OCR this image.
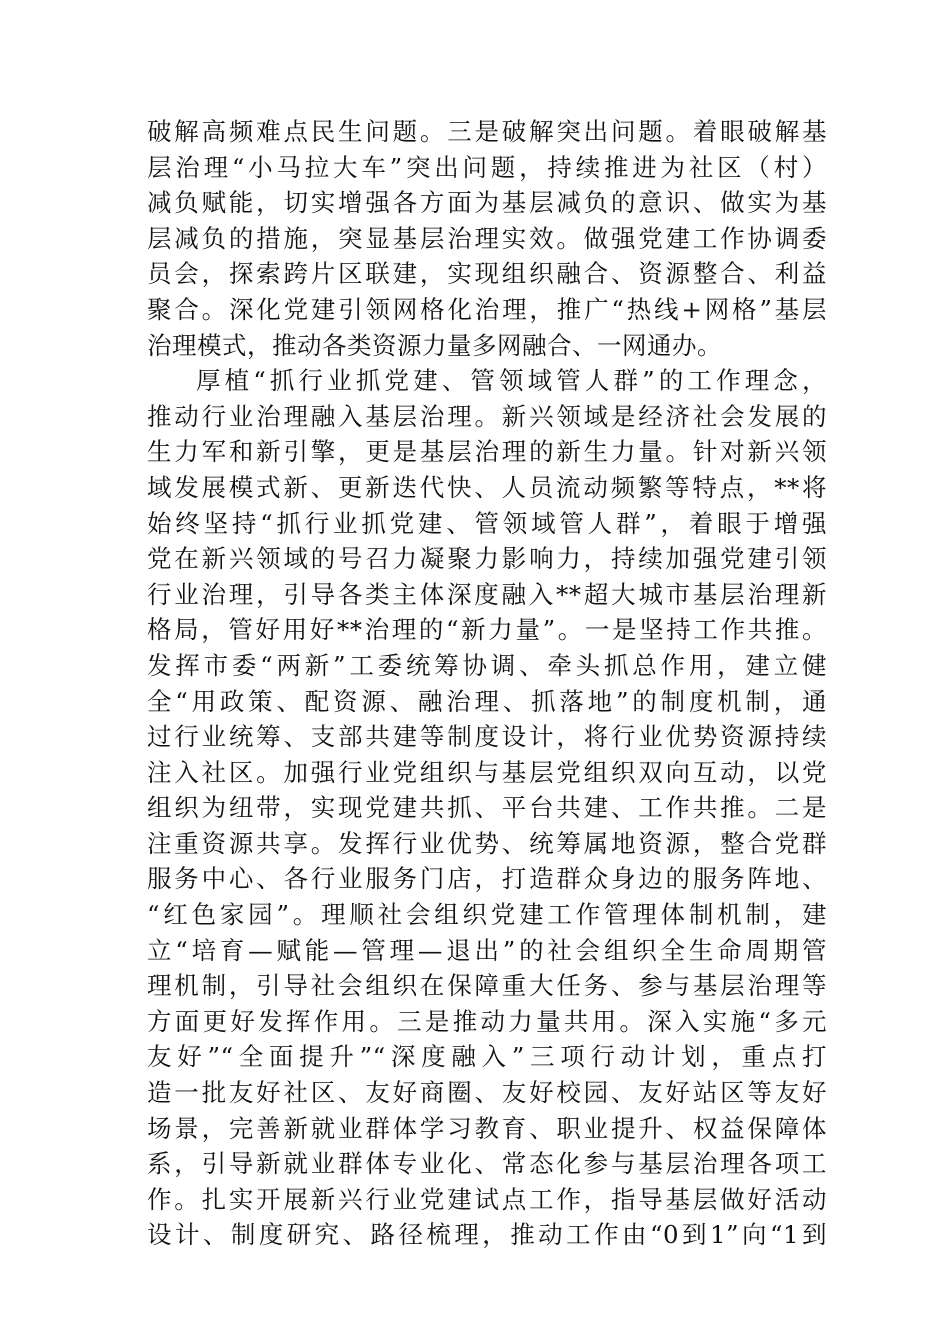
破解高频难点民生问题。三是破解突出问题。着眼破解基
层治理“小马拉大车”突出问题，持续推进为社区（村）
减负赋能，切实增强各方面为基层减负的意识、做实为基
层减负的措施，突显基层治理实效。做强党建工作协调委
员会，探索跨片区联建，实现组织融合、资源整合、利益
聚合。深化党建引领网格化治理，推广“热线+网格”基层
治理模式，推动各类资源力量多网融合、一网通办。
厚植“抓行业抓党建、管领域管人群”的工作理念，
推动行业治理融入基层治理。新兴领域是经济社会发展的
生力军和新引擎，更是基层治理的新生力量。针对新兴领
域发展模式新、更新迭代快、人员流动频繁等特点，**将
始终坚持“抓行业抓党建、管领域管人群”，着眼于增强
党在新兴领域的号召力凝聚力影响力，持续加强党建引领
行业治理，引导各类主体深度融入**超大城市基层治理新
格局，管好用好**治理的“新力量”。一是坚持工作共推。
发挥市委“两新”工委统筹协调、牵头抓总作用，建立健
全“用政策、配资源、融治理、抓落地”的制度机制，通
过行业统筹、支部共建等制度设计，将行业优势资源持续
注入社区。加强行业党组织与基层党组织双向互动，以党
组织为纽带，实现党建共抓、平台共建、工作共推。二是
注重资源共享。发挥行业优势、统筹属地资源，整合党群
服务中心、各行业服务门店，打造群众身边的服务阵地、
“红色家园”。理顺社会组织党建工作管理体制机制，建
立“培育—赋能—管理—退出”的社会组织全生命周期管
理机制，引导社会组织在保障重大任务、参与基层治理等
方面更好发挥作用。三是推动力量共用。深入实施“多元
友好”“全面提升”“深度融入”三项行动计划，重点打
造一批友好社区、友好商圈、友好校园、友好站区等友好
场景，完善新就业群体学习教育、职业提升、权益保障体
系，引导新就业群体专业化、常态化参与基层治理各项工
作。扎实开展新兴行业党建试点工作，指导基层做好活动
设计、制度研究、路径梳理，推动工作由“0到1”向“1到
